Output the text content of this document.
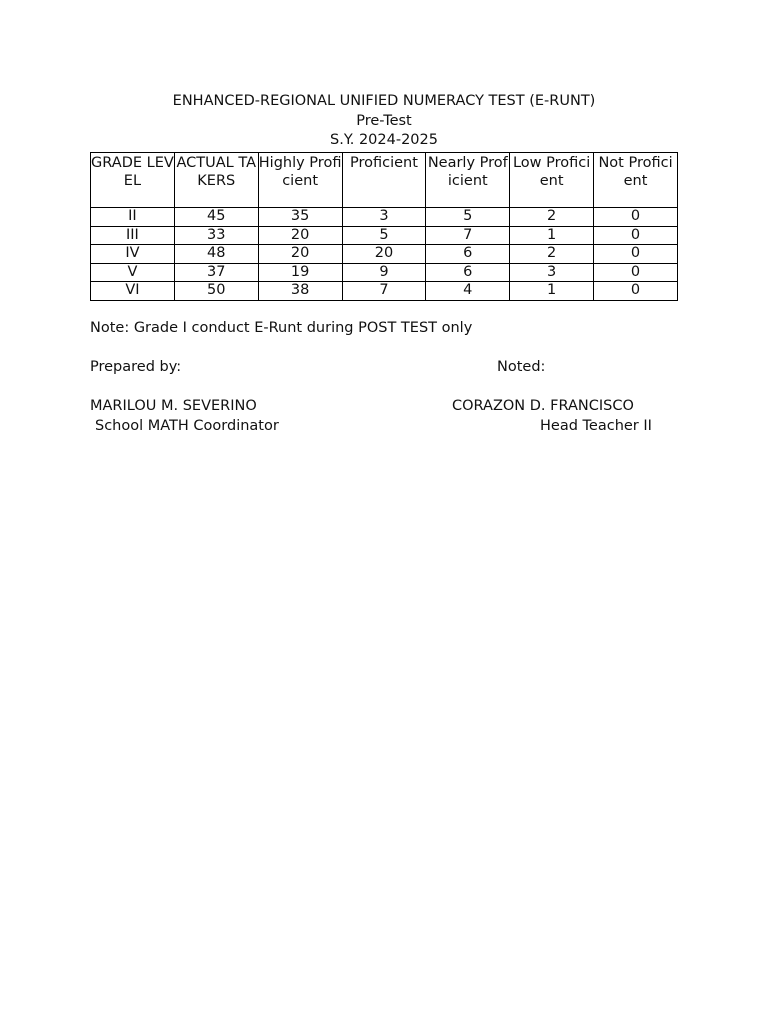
ENHANCED-REGIONAL UNIFIED NUMERACY TEST (E-RUNT)
Pre-Test
S.Y. 2024-2025
GRADE LEVEL	ACTUAL TAKERS	Highly Proficient	Proficient	Nearly Proficient	Low Proficient	Not Proficient
II	45	35	3	5	2	0
III	33	20	5	7	1	0
IV	48	20	20	6	2	0
V	37	19	9	6	3	0
VI	50	38	7	4	1	0
Note: Grade I conduct E-Runt during POST TEST only
Prepared by:	Noted:
MARILOU M. SEVERINO
School MATH Coordinator
CORAZON D. FRANCISCO
Head Teacher II
